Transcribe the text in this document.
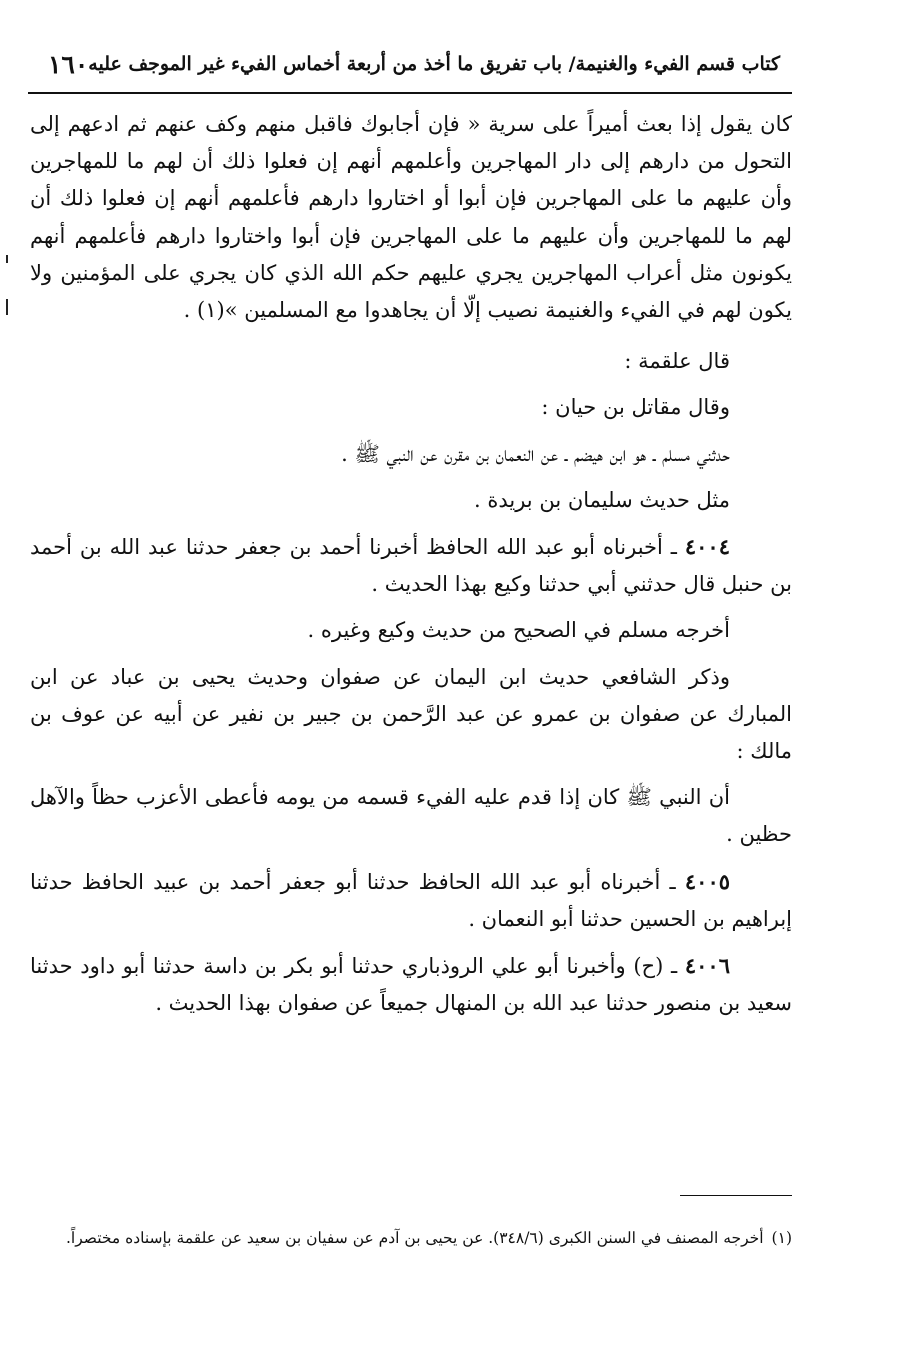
١٦٠ كتاب قسم الفيء والغنيمة/ باب تفريق ما أخذ من أربعة أخماس الفيء غير الموجف عليه

كان يقول إذا بعث أميراً على سرية « فإن أجابوك فاقبل منهم وكف عنهم ثم ادعهم إلى التحول من دارهم إلى دار المهاجرين وأعلمهم أنهم إن فعلوا ذلك أن لهم ما للمهاجرين وأن عليهم ما على المهاجرين فإن أبوا أو اختاروا دارهم فأعلمهم أنهم إن فعلوا ذلك أن لهم ما للمهاجرين وأن عليهم ما على المهاجرين فإن أبوا واختاروا دارهم فأعلمهم أنهم يكونون مثل أعراب المهاجرين يجري عليهم حكم الله الذي كان يجري على المؤمنين ولا يكون لهم في الفيء والغنيمة نصيب إلّا أن يجاهدوا مع المسلمين »(١) .

قال علقمة :

وقال مقاتل بن حيان :

حدثني مسلم ـ هو ابن هيضم ـ عن النعمان بن مقرن عن النبي ﷺ .

مثل حديث سليمان بن بريدة .

٤٠٠٤ ـ أخبرناه أبو عبد الله الحافظ أخبرنا أحمد بن جعفر حدثنا عبد الله بن أحمد بن حنبل قال حدثني أبي حدثنا وكيع بهذا الحديث .

أخرجه مسلم في الصحيح من حديث وكيع وغيره .

وذكر الشافعي حديث ابن اليمان عن صفوان وحديث يحيى بن عباد عن ابن المبارك عن صفوان بن عمرو عن عبد الرَّحمن بن جبير بن نفير عن أبيه عن عوف بن مالك :

أن النبي ﷺ كان إذا قدم عليه الفيء قسمه من يومه فأعطى الأعزب حظاً والآهل حظين .

٤٠٠٥ ـ أخبرناه أبو عبد الله الحافظ حدثنا أبو جعفر أحمد بن عبيد الحافظ حدثنا إبراهيم بن الحسين حدثنا أبو النعمان .

٤٠٠٦ ـ (ح) وأخبرنا أبو علي الروذباري حدثنا أبو بكر بن داسة حدثنا أبو داود حدثنا سعيد بن منصور حدثنا عبد الله بن المنهال جميعاً عن صفوان بهذا الحديث .

(١)أخرجه المصنف في السنن الكبرى (٣٤٨/٦). عن يحيى بن آدم عن سفيان بن سعيد عن علقمة بإسناده مختصراً.
